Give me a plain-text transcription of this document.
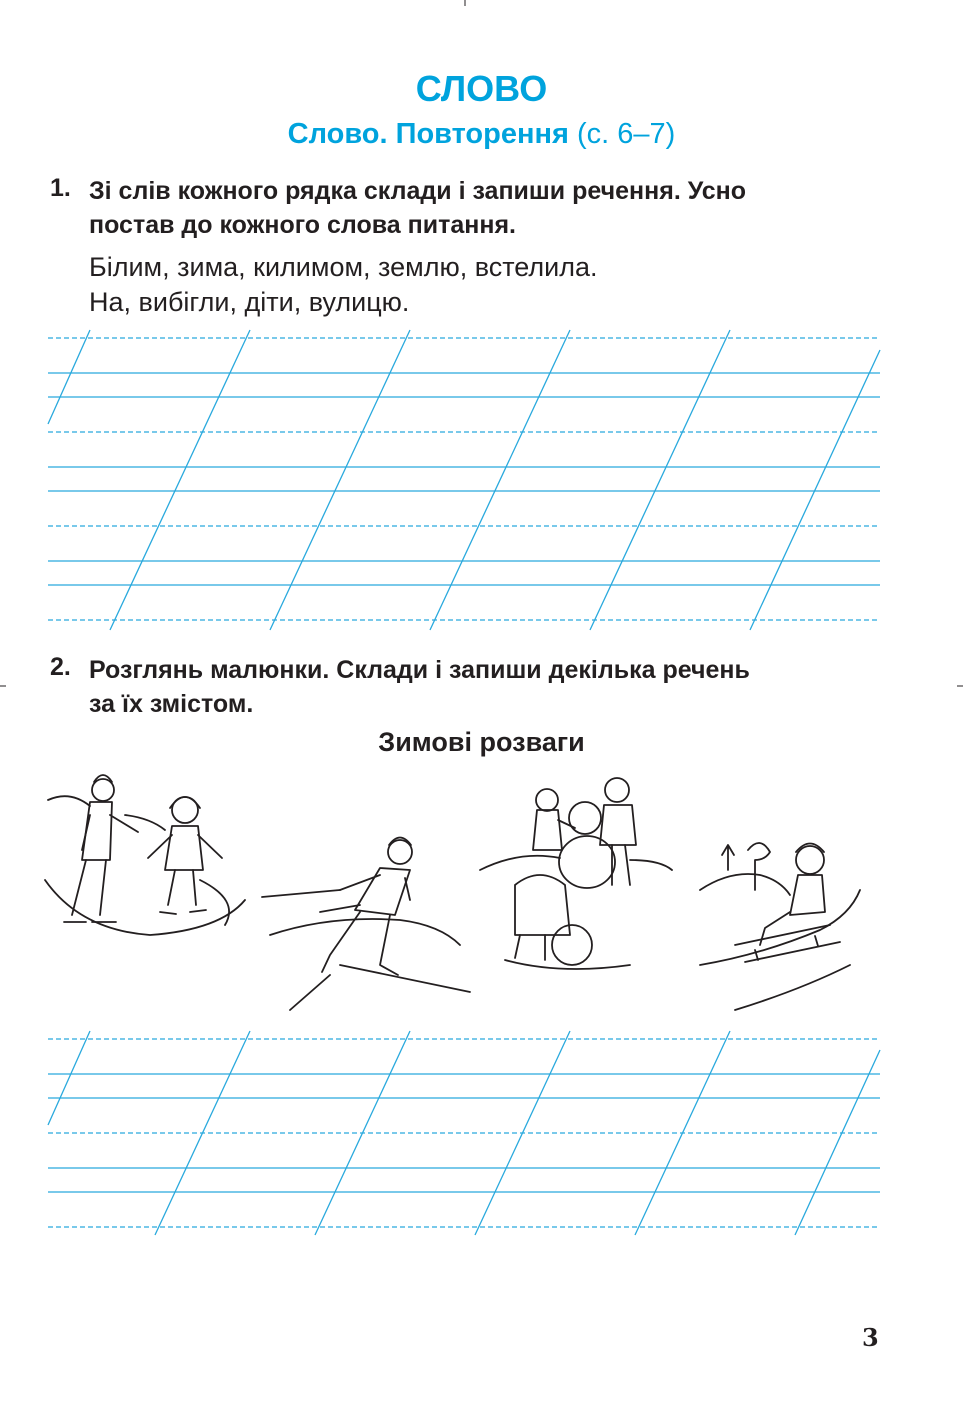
СЛОВО
Слово. Повторення (с. 6–7)
1. Зі слів кожного рядка склади і запиши речення. Усно
постав до кожного слова питання.
Білим, зима, килимом, землю, встелила.
На, вибігли, діти, вулицю.
2. Розглянь малюнки. Склади і запиши декілька речень
за їх змістом.
Зимові розваги
3
